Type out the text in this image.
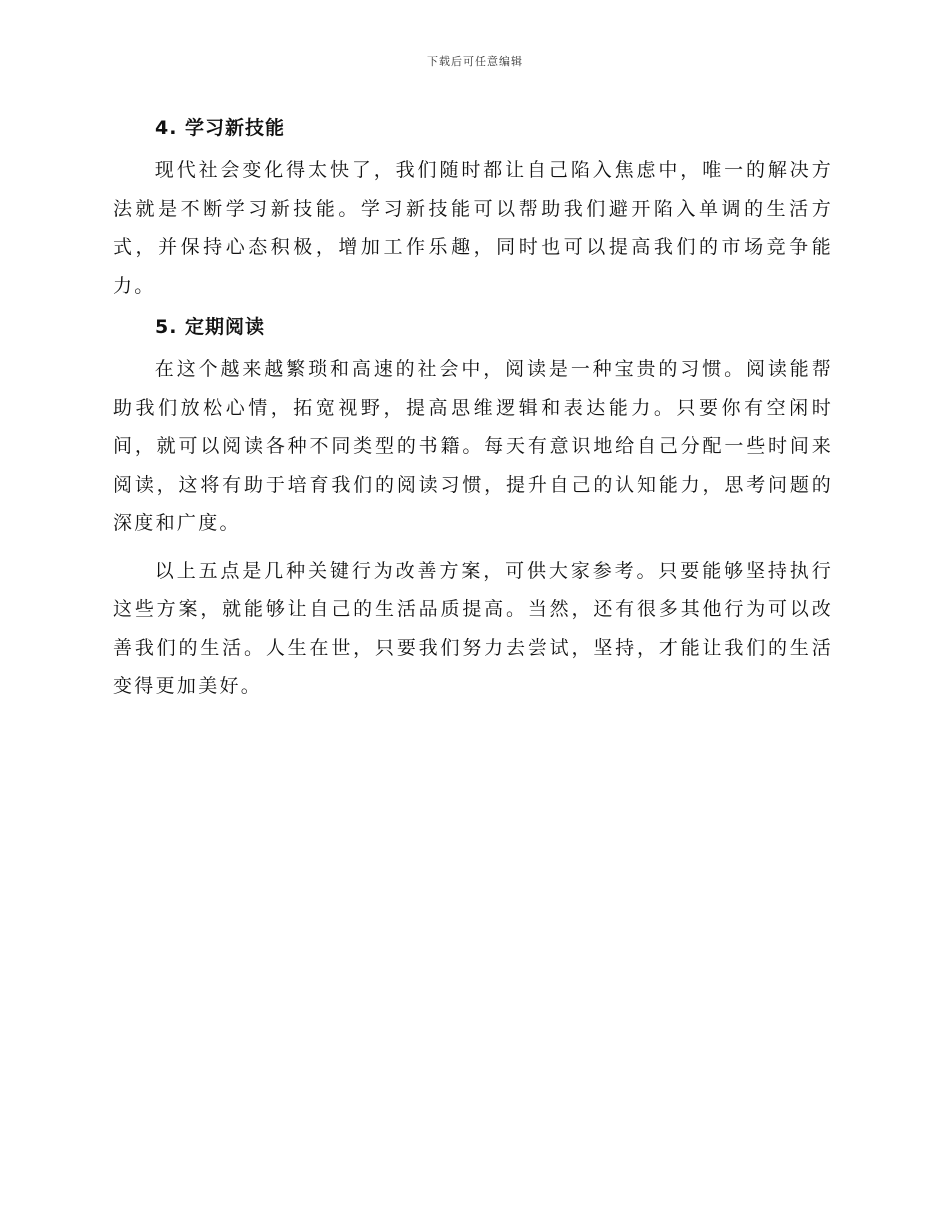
下载后可任意编辑
4. 学习新技能

现代社会变化得太快了，我们随时都让自己陷入焦虑中，唯一的解决方法就是不断学习新技能。学习新技能可以帮助我们避开陷入单调的生活方式，并保持心态积极，增加工作乐趣，同时也可以提高我们的市场竞争能力。

5. 定期阅读

在这个越来越繁琐和高速的社会中，阅读是一种宝贵的习惯。阅读能帮助我们放松心情，拓宽视野，提高思维逻辑和表达能力。只要你有空闲时间，就可以阅读各种不同类型的书籍。每天有意识地给自己分配一些时间来阅读，这将有助于培育我们的阅读习惯，提升自己的认知能力，思考问题的深度和广度。

以上五点是几种关键行为改善方案，可供大家参考。只要能够坚持执行这些方案，就能够让自己的生活品质提高。当然，还有很多其他行为可以改善我们的生活。人生在世，只要我们努力去尝试，坚持，才能让我们的生活变得更加美好。
